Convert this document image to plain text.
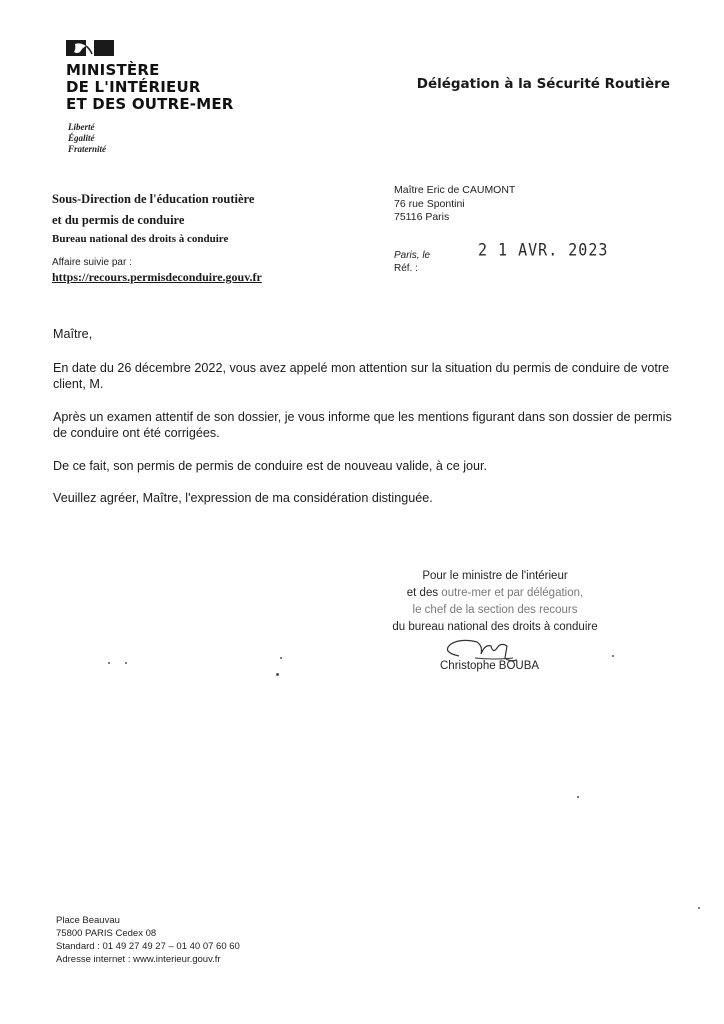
MINISTÈRE
DE L'INTÉRIEUR
ET DES OUTRE-MER
Liberté
Égalité
Fraternité
Délégation à la Sécurité Routière
Sous-Direction de l'éducation routière
et du permis de conduire
Bureau national des droits à conduire
Affaire suivie par :
https://recours.permisdeconduire.gouv.fr
Maître Eric de CAUMONT
76 rue Spontini
75116 Paris
Paris, le
Réf. :
2 1 AVR. 2023

Maître,

En date du 26 décembre 2022, vous avez appelé mon attention sur la situation du permis de conduire de votre client, M.

Après un examen attentif de son dossier, je vous informe que les mentions figurant dans son dossier de permis de conduire ont été corrigées.

De ce fait, son permis de permis de conduire est de nouveau valide, à ce jour.

Veuillez agréer, Maître, l'expression de ma considération distinguée.

Pour le ministre de l'intérieur
et des outre-mer et par délégation,
le chef de la section des recours
du bureau national des droits à conduire
Christophe BOUBA
Place Beauvau
75800 PARIS Cedex 08
Standard : 01 49 27 49 27 – 01 40 07 60 60
Adresse internet : www.interieur.gouv.fr
